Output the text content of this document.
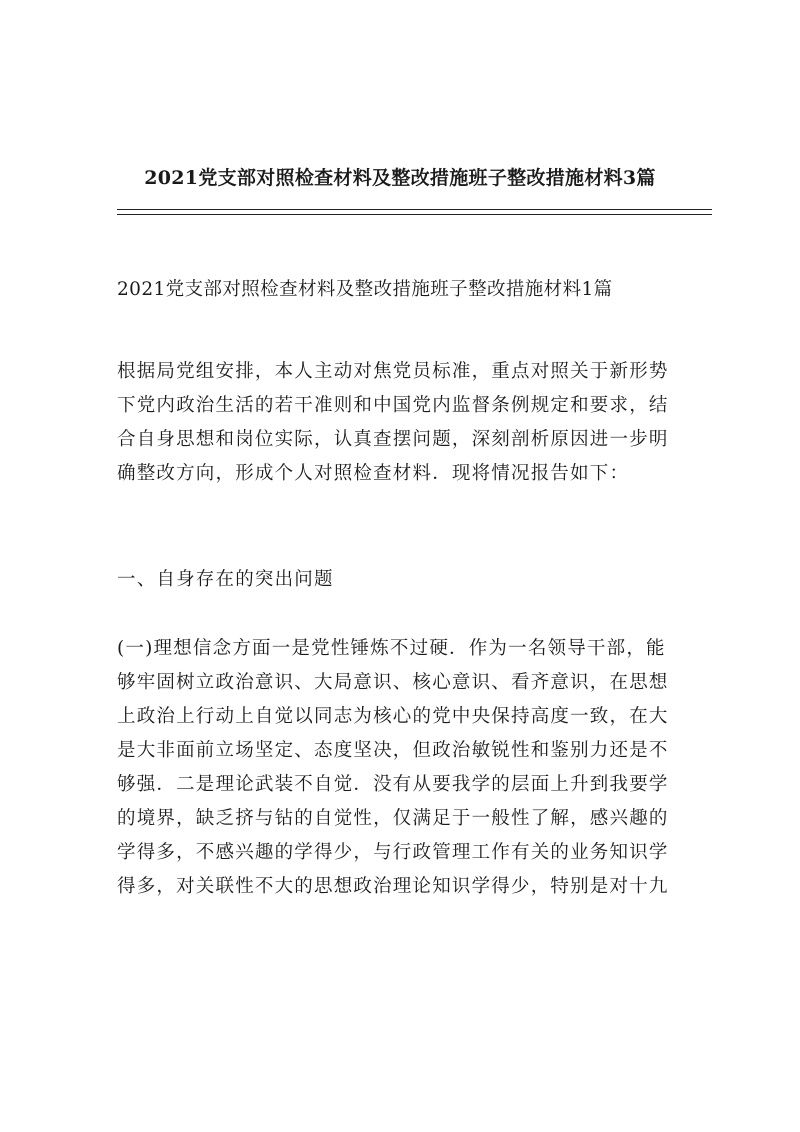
2021党支部对照检查材料及整改措施班子整改措施材料3篇
2021党支部对照检查材料及整改措施班子整改措施材料1篇
根据局党组安排，本人主动对焦党员标准，重点对照关于新形势
下党内政治生活的若干准则和中国党内监督条例规定和要求，结
合自身思想和岗位实际，认真查摆问题，深刻剖析原因进一步明
确整改方向，形成个人对照检查材料．现将情况报告如下：
一、自身存在的突出问题
(一)理想信念方面一是党性锤炼不过硬．作为一名领导干部，能
够牢固树立政治意识、大局意识、核心意识、看齐意识，在思想
上政治上行动上自觉以同志为核心的党中央保持高度一致，在大
是大非面前立场坚定、态度坚决，但政治敏锐性和鉴别力还是不
够强．二是理论武装不自觉．没有从要我学的层面上升到我要学
的境界，缺乏挤与钻的自觉性，仅满足于一般性了解，感兴趣的
学得多，不感兴趣的学得少，与行政管理工作有关的业务知识学
得多，对关联性不大的思想政治理论知识学得少，特别是对十九
